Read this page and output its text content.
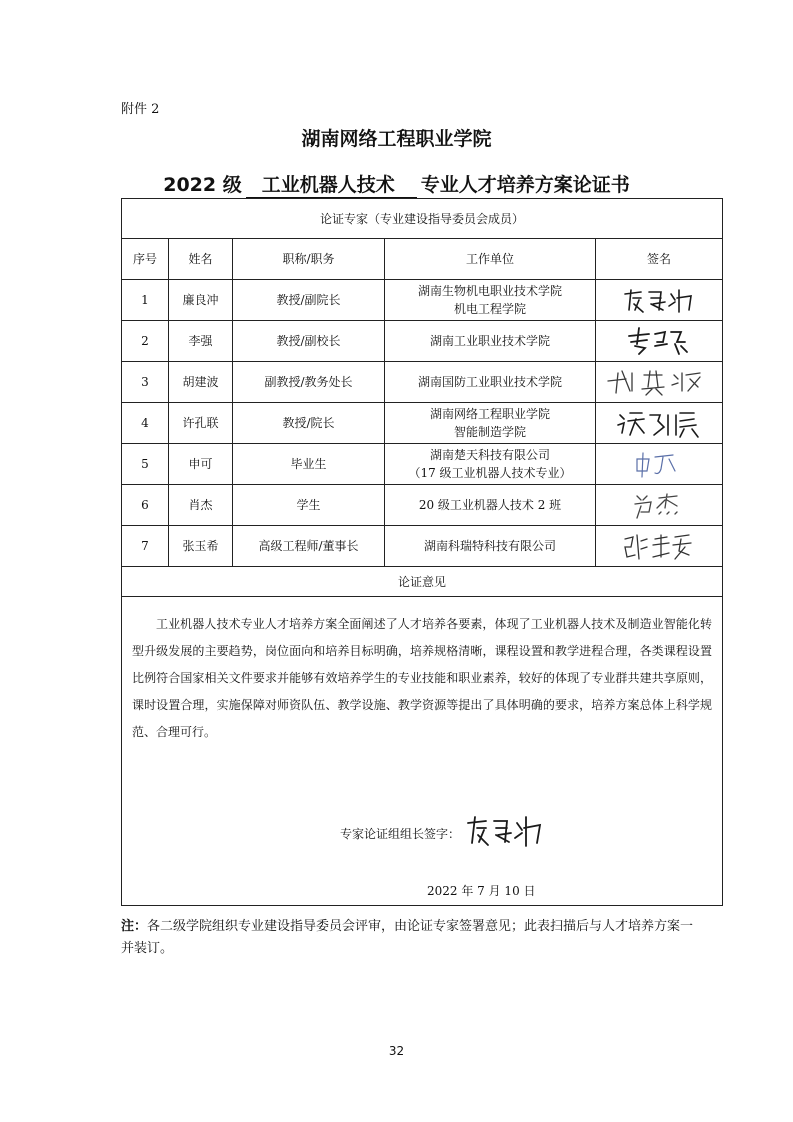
附件 2
湖南网络工程职业学院
2022 级 工业机器人技术 专业人才培养方案论证书
论证专家（专业建设指导委员会成员）				
序号	姓名	职称/职务	工作单位	签名
1	廉良冲	教授/副院长	湖南生物机电职业技术学院
机电工程学院

2	李强	教授/副校长	湖南工业职业技术学院

3	胡建波	副教授/教务处长	湖南国防工业职业技术学院

4	许孔联	教授/院长	湖南网络工程职业学院
智能制造学院

5	申可	毕业生	湖南楚天科技有限公司
（17 级工业机器人技术专业）

6	肖杰	学生	20 级工业机器人技术 2 班

7	张玉希	高级工程师/董事长	湖南科瑞特科技有限公司

论证意见				

工业机器人技术专业人才培养方案全面阐述了人才培养各要素，体现了工业机器人技术及制造业智能化转型升级发展的主要趋势，岗位面向和培养目标明确，培养规格清晰，课程设置和教学进程合理，各类课程设置比例符合国家相关文件要求并能够有效培养学生的专业技能和职业素养，较好的体现了专业群共建共享原则，课时设置合理，实施保障对师资队伍、教学设施、教学资源等提出了具体明确的要求，培养方案总体上科学规范、合理可行。
专家论证组组长签字：
2022 年 7 月 10 日				
注：各二级学院组织专业建设指导委员会评审，由论证专家签署意见；此表扫描后与人才培养方案一并装订。
32
